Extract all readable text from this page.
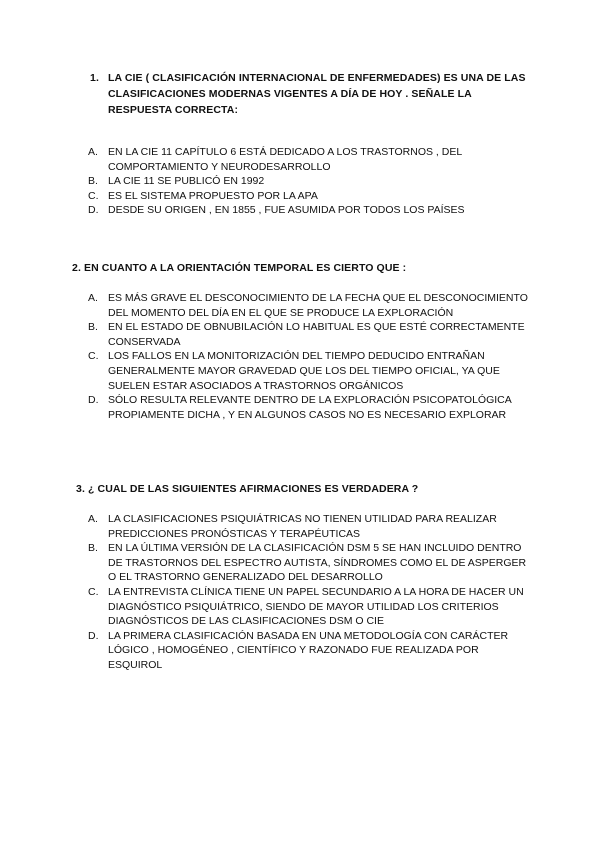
1. LA CIE ( CLASIFICACIÓN INTERNACIONAL DE ENFERMEDADES) ES UNA DE LAS CLASIFICACIONES MODERNAS VIGENTES A DÍA DE HOY . SEÑALE LA RESPUESTA CORRECTA:
A. EN LA CIE 11 CAPÍTULO 6 ESTÁ DEDICADO A LOS TRASTORNOS , DEL COMPORTAMIENTO Y NEURODESARROLLO
B. LA CIE 11 SE PUBLICÓ EN 1992
C. ES EL SISTEMA PROPUESTO POR LA APA
D. DESDE SU ORIGEN , EN 1855 , FUE ASUMIDA POR TODOS LOS PAÍSES
2. EN CUANTO A LA ORIENTACIÓN TEMPORAL ES CIERTO QUE :
A. ES MÁS GRAVE EL DESCONOCIMIENTO DE LA FECHA QUE EL DESCONOCIMIENTO DEL MOMENTO DEL DÍA EN EL QUE SE PRODUCE LA EXPLORACIÓN
B. EN EL ESTADO DE OBNUBILACIÓN LO HABITUAL ES QUE ESTÉ CORRECTAMENTE CONSERVADA
C. LOS FALLOS EN LA MONITORIZACIÓN DEL TIEMPO DEDUCIDO ENTRAÑAN GENERALMENTE MAYOR GRAVEDAD QUE LOS DEL TIEMPO OFICIAL, YA QUE SUELEN ESTAR ASOCIADOS A TRASTORNOS ORGÁNICOS
D. SÓLO RESULTA RELEVANTE DENTRO DE LA EXPLORACIÓN PSICOPATOLÓGICA PROPIAMENTE DICHA , Y EN ALGUNOS CASOS NO ES NECESARIO EXPLORAR
3. ¿ CUAL DE LAS SIGUIENTES AFIRMACIONES ES VERDADERA ?
A. LA CLASIFICACIONES PSIQUIÁTRICAS NO TIENEN UTILIDAD PARA REALIZAR PREDICCIONES PRONÓSTICAS Y TERAPÉUTICAS
B. EN LA ÚLTIMA VERSIÓN DE LA CLASIFICACIÓN DSM 5 SE HAN INCLUIDO DENTRO DE TRASTORNOS DEL ESPECTRO AUTISTA, SÍNDROMES COMO EL DE ASPERGER O EL TRASTORNO GENERALIZADO DEL DESARROLLO
C. LA ENTREVISTA CLÍNICA TIENE UN PAPEL SECUNDARIO A LA HORA DE HACER UN DIAGNÓSTICO PSIQUIÁTRICO, SIENDO DE MAYOR UTILIDAD LOS CRITERIOS DIAGNÓSTICOS DE LAS CLASIFICACIONES DSM O CIE
D. LA PRIMERA CLASIFICACIÓN BASADA EN UNA METODOLOGÍA CON CARÁCTER LÓGICO , HOMOGÉNEO , CIENTÍFICO Y RAZONADO FUE REALIZADA POR ESQUIROL
